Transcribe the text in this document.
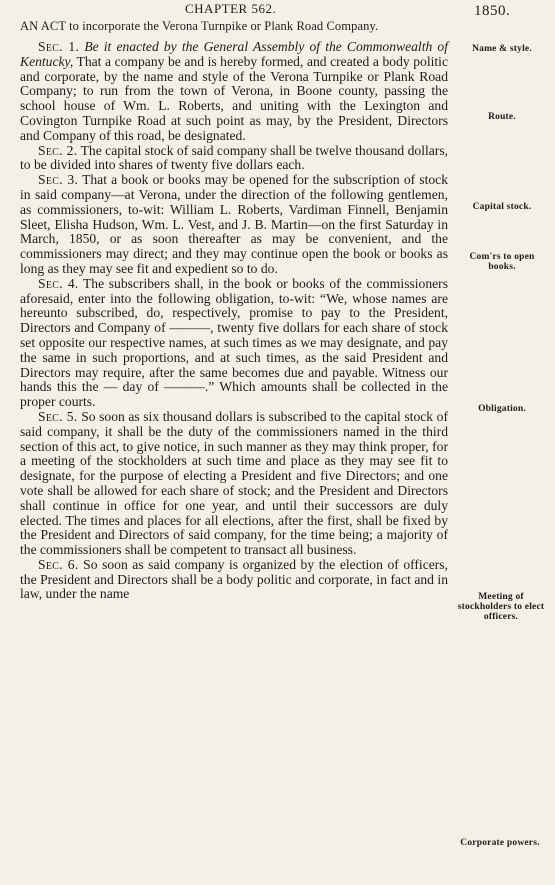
CHAPTER 562.	1850.
AN ACT to incorporate the Verona Turnpike or Plank Road Company.

Sec. 1. Be it enacted by the General Assembly of the Commonwealth of Kentucky, That a company be and is hereby formed, and created a body politic and corporate, by the name and style of the Verona Turnpike or Plank Road Company; to run from the town of Verona, in Boone county, passing the school house of Wm. L. Roberts, and uniting with the Lexington and Covington Turnpike Road at such point as may, by the President, Directors and Company of this road, be designated.

Sec. 2. The capital stock of said company shall be twelve thousand dollars, to be divided into shares of twenty five dollars each.

Sec. 3. That a book or books may be opened for the subscription of stock in said company—at Verona, under the direction of the following gentlemen, as commissioners, to-wit: William L. Roberts, Vardiman Finnell, Benjamin Sleet, Elisha Hudson, Wm. L. Vest, and J. B. Martin—on the first Saturday in March, 1850, or as soon thereafter as may be convenient, and the commissioners may direct; and they may continue open the book or books as long as they may see fit and expedient so to do.

Sec. 4. The subscribers shall, in the book or books of the commissioners aforesaid, enter into the following obligation, to-wit: “We, whose names are hereunto subscribed, do, respectively, promise to pay to the President, Directors and Company of ———, twenty five dollars for each share of stock set opposite our respective names, at such times as we may designate, and pay the same in such proportions, and at such times, as the said President and Directors may require, after the same becomes due and payable. Witness our hands this the — day of ———.” Which amounts shall be collected in the proper courts.

Sec. 5. So soon as six thousand dollars is subscribed to the capital stock of said company, it shall be the duty of the commissioners named in the third section of this act, to give notice, in such manner as they may think proper, for a meeting of the stockholders at such time and place as they may see fit to designate, for the purpose of electing a President and five Directors; and one vote shall be allowed for each share of stock; and the President and Directors shall continue in office for one year, and until their successors are duly elected. The times and places for all elections, after the first, shall be fixed by the President and Directors of said company, for the time being; a majority of the commissioners shall be competent to transact all business.

Sec. 6. So soon as said company is organized by the election of officers, the President and Directors shall be a body politic and corporate, in fact and in law, under the name

Name & style.
Route.
Capital stock.
Com'rs to open books.
Obligation.
Meeting of stockholders to elect officers.
Corporate powers.
